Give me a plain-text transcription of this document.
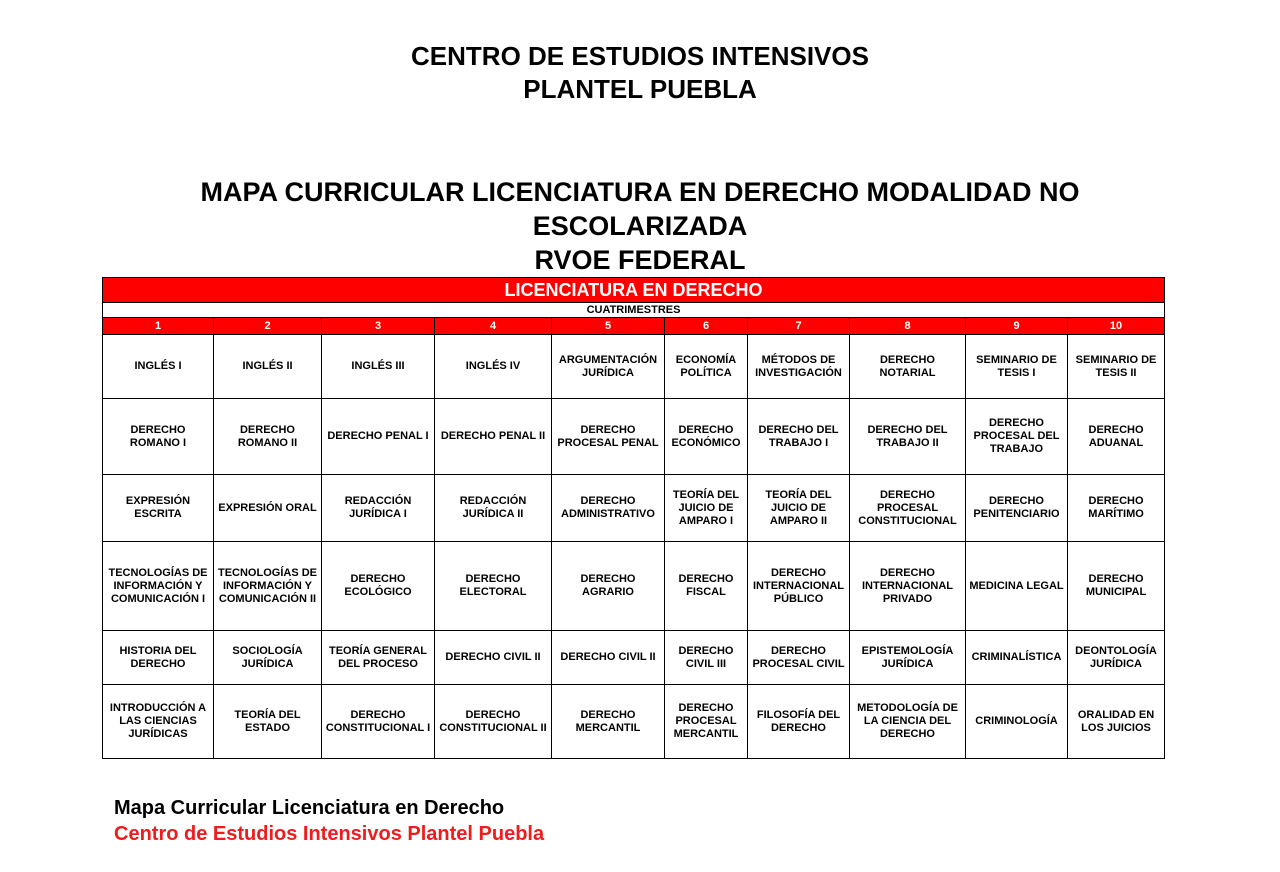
CENTRO DE ESTUDIOS INTENSIVOS
PLANTEL PUEBLA
MAPA CURRICULAR LICENCIATURA EN DERECHO MODALIDAD NO
ESCOLARIZADA
RVOE FEDERAL
LICENCIATURA EN DERECHO									
CUATRIMESTRES									
1	2	3	4	5	6	7	8	9	10
INGLÉS I	INGLÉS II	INGLÉS III	INGLÉS IV	ARGUMENTACIÓN JURÍDICA	ECONOMÍA POLÍTICA	MÉTODOS DE INVESTIGACIÓN	DERECHO NOTARIAL	SEMINARIO DE TESIS I	SEMINARIO DE TESIS II
DERECHO ROMANO I	DERECHO ROMANO II	DERECHO PENAL I	DERECHO PENAL II	DERECHO PROCESAL PENAL	DERECHO ECONÓMICO	DERECHO DEL TRABAJO I	DERECHO DEL TRABAJO II	DERECHO PROCESAL DEL TRABAJO	DERECHO ADUANAL
EXPRESIÓN ESCRITA	EXPRESIÓN ORAL	REDACCIÓN JURÍDICA I	REDACCIÓN JURÍDICA II	DERECHO ADMINISTRATIVO	TEORÍA DEL JUICIO DE AMPARO I	TEORÍA DEL JUICIO DE AMPARO II	DERECHO PROCESAL CONSTITUCIONAL	DERECHO PENITENCIARIO	DERECHO MARÍTIMO
TECNOLOGÍAS DE INFORMACIÓN Y COMUNICACIÓN I	TECNOLOGÍAS DE INFORMACIÓN Y COMUNICACIÓN II	DERECHO ECOLÓGICO	DERECHO ELECTORAL	DERECHO AGRARIO	DERECHO FISCAL	DERECHO INTERNACIONAL PÚBLICO	DERECHO INTERNACIONAL PRIVADO	MEDICINA LEGAL	DERECHO MUNICIPAL
HISTORIA DEL DERECHO	SOCIOLOGÍA JURÍDICA	TEORÍA GENERAL DEL PROCESO	DERECHO CIVIL II	DERECHO CIVIL II	DERECHO CIVIL III	DERECHO PROCESAL CIVIL	EPISTEMOLOGÍA JURÍDICA	CRIMINALÍSTICA	DEONTOLOGÍA JURÍDICA
INTRODUCCIÓN A LAS CIENCIAS JURÍDICAS	TEORÍA DEL ESTADO	DERECHO CONSTITUCIONAL I	DERECHO CONSTITUCIONAL II	DERECHO MERCANTIL	DERECHO PROCESAL MERCANTIL	FILOSOFÍA DEL DERECHO	METODOLOGÍA DE LA CIENCIA DEL DERECHO	CRIMINOLOGÍA	ORALIDAD EN LOS JUICIOS
Mapa Curricular Licenciatura en Derecho
Centro de Estudios Intensivos Plantel Puebla
